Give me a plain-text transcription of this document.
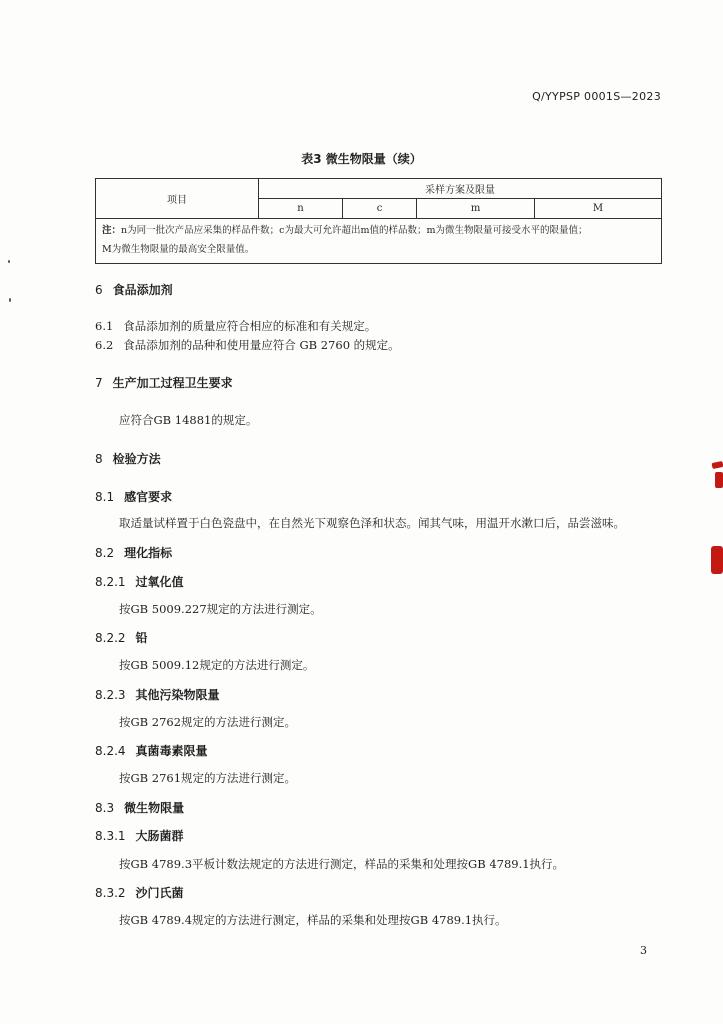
Q/YYPSP 0001S—2023
表3 微生物限量（续）
项目	采样方案及限量			
	n	c	m	M
注：n为同一批次产品应采集的样品件数；c为最大可允许超出m值的样品数；m为微生物限量可接受水平的限量值；
M为微生物限量的最高安全限量值。				
6 食品添加剂
6.1 食品添加剂的质量应符合相应的标准和有关规定。
6.2 食品添加剂的品种和使用量应符合 GB 2760 的规定。
7 生产加工过程卫生要求
应符合GB 14881的规定。
8 检验方法
8.1 感官要求
取适量试样置于白色瓷盘中，在自然光下观察色泽和状态。闻其气味，用温开水漱口后，品尝滋味。
8.2 理化指标
8.2.1 过氧化值
按GB 5009.227规定的方法进行测定。
8.2.2 铅
按GB 5009.12规定的方法进行测定。
8.2.3 其他污染物限量
按GB 2762规定的方法进行测定。
8.2.4 真菌毒素限量
按GB 2761规定的方法进行测定。
8.3 微生物限量
8.3.1 大肠菌群
按GB 4789.3平板计数法规定的方法进行测定，样品的采集和处理按GB 4789.1执行。
8.3.2 沙门氏菌
按GB 4789.4规定的方法进行测定，样品的采集和处理按GB 4789.1执行。
3
